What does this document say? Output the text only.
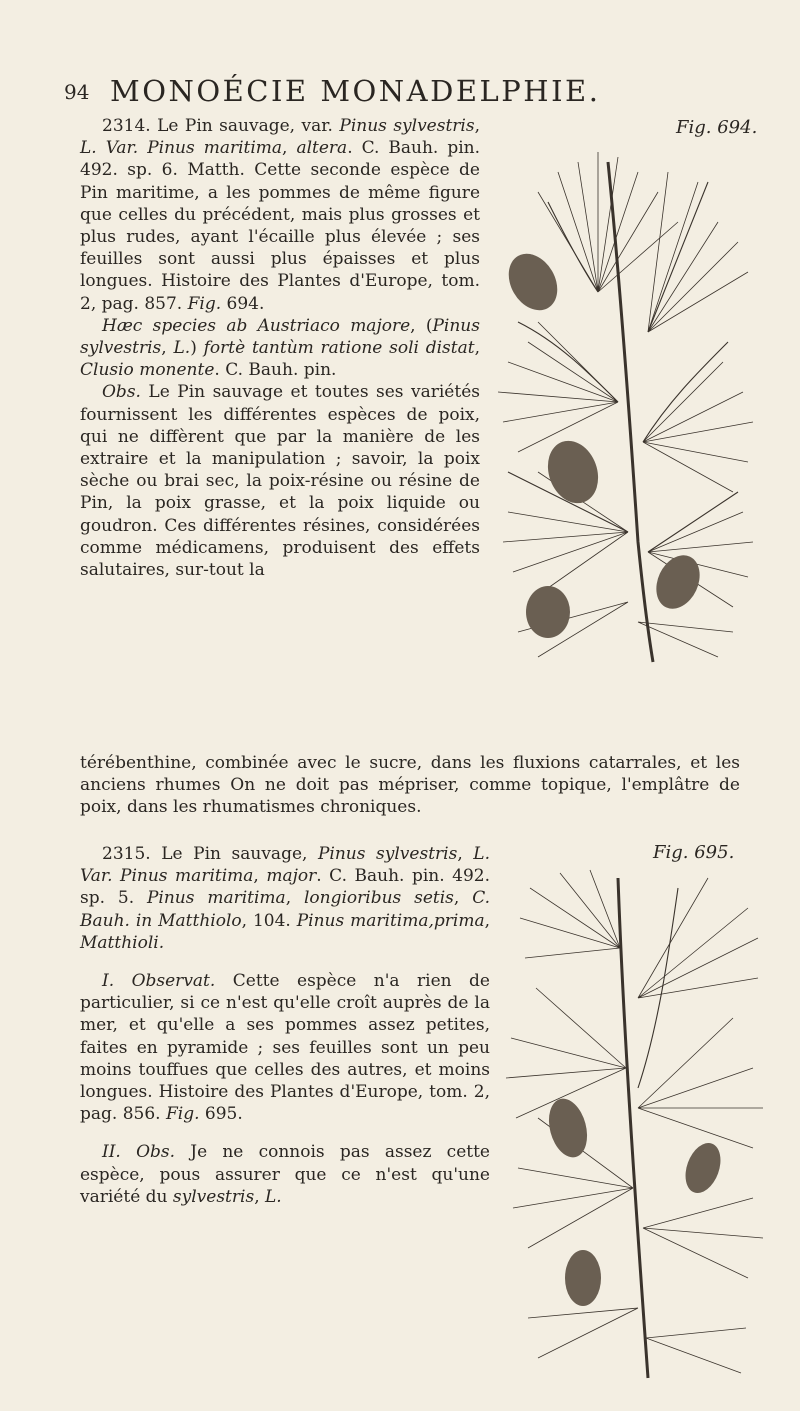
94 MONOÉCIE MONADELPHIE.
Fig. 694.

2314. Le Pin sauvage, var. Pinus sylvestris, L. Var. Pinus maritima, altera. C. Bauh. pin. 492. sp. 6. Matth. Cette seconde espèce de Pin maritime, a les pommes de même figure que celles du précédent, mais plus grosses et plus rudes, ayant l'écaille plus élevée ; ses feuilles sont aussi plus épaisses et plus longues. Histoire des Plantes d'Europe, tom. 2, pag. 857. Fig. 694.

Hæc species ab Austriaco majore, (Pinus sylvestris, L.) fortè tantùm ratione soli distat, Clusio monente. C. Bauh. pin.

Obs. Le Pin sauvage et toutes ses variétés fournissent les différentes espèces de poix, qui ne diffèrent que par la manière de les extraire et la manipulation ; savoir, la poix sèche ou brai sec, la poix-résine ou résine de Pin, la poix grasse, et la poix liquide ou goudron. Ces différentes résines, considérées comme médicamens, produisent des effets salutaires, sur-tout la

térébenthine, combinée avec le sucre, dans les fluxions catarrales, et les anciens rhumes On ne doit pas mépriser, comme topique, l'emplâtre de poix, dans les rhumatismes chroniques.

Fig. 695.

2315. Le Pin sauvage, Pinus sylvestris, L. Var. Pinus maritima, major. C. Bauh. pin. 492. sp. 5. Pinus maritima, longioribus setis, C. Bauh. in Matthiolo, 104. Pinus maritima,prima, Matthioli.

I. Observat. Cette espèce n'a rien de particulier, si ce n'est qu'elle croît auprès de la mer, et qu'elle a ses pommes assez petites, faites en pyramide ; ses feuilles sont un peu moins touffues que celles des autres, et moins longues. Histoire des Plantes d'Europe, tom. 2, pag. 856. Fig. 695.

II. Obs. Je ne connois pas assez cette espèce, pous assurer que ce n'est qu'une variété du sylvestris, L.
